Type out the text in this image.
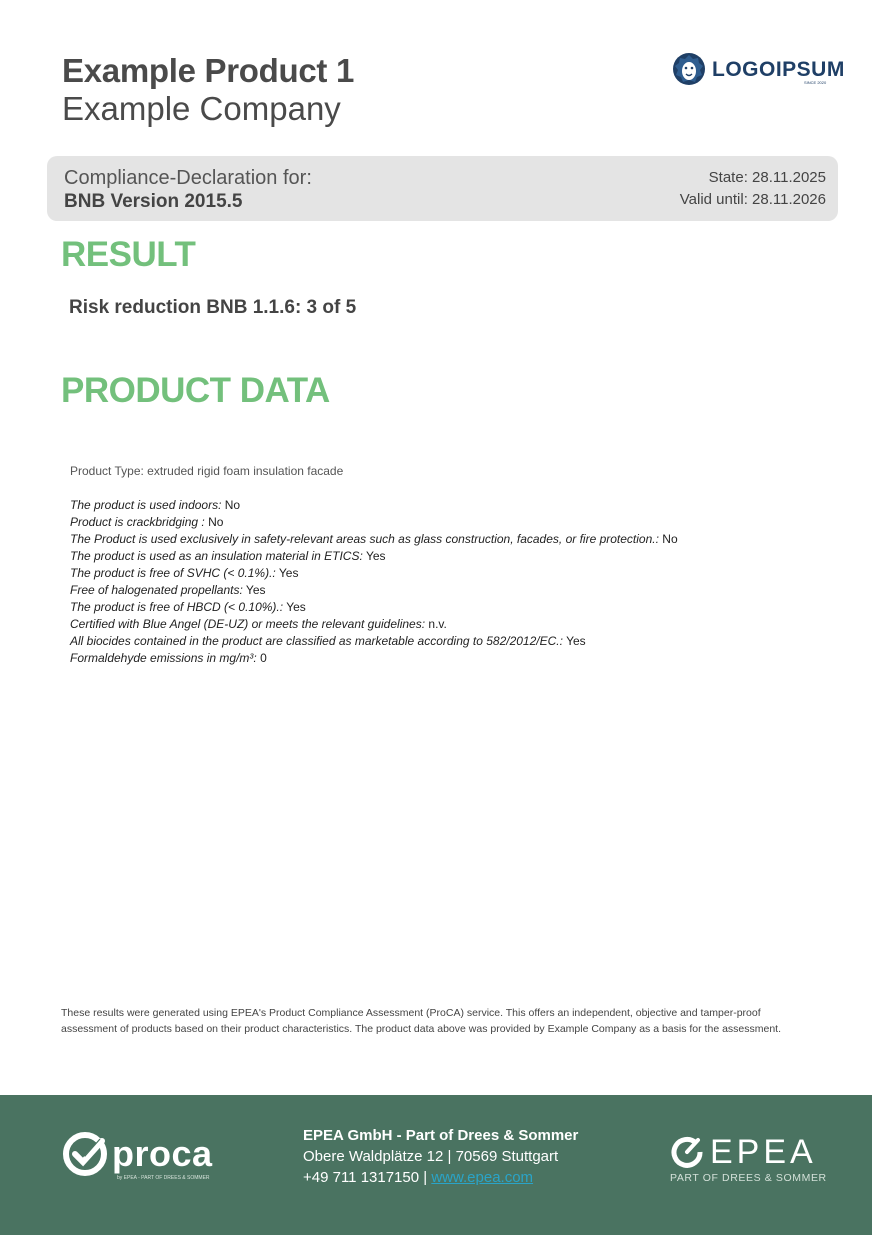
Example Product 1
Example Company
LOGOIPSUM
SINCE 2020
Compliance-Declaration for:
BNB Version 2015.5
State: 28.11.2025
Valid until: 28.11.2026
RESULT
Risk reduction BNB 1.1.6: 3 of 5
PRODUCT DATA
Product Type: extruded rigid foam insulation facade
The product is used indoors: No
Product is crackbridging : No
The Product is used exclusively in safety-relevant areas such as glass construction, facades, or fire protection.: No
The product is used as an insulation material in ETICS: Yes
The product is free of SVHC (< 0.1%).: Yes
Free of halogenated propellants: Yes
The product is free of HBCD (< 0.10%).: Yes
Certified with Blue Angel (DE-UZ) or meets the relevant guidelines: n.v.
All biocides contained in the product are classified as marketable according to 582/2012/EC.: Yes
Formaldehyde emissions in mg/m³: 0
These results were generated using EPEA's Product Compliance Assessment (ProCA) service. This offers an independent, objective and tamper-proof assessment of products based on their product characteristics. The product data above was provided by Example Company as a basis for the assessment.
proca
by EPEA - PART OF DREES & SOMMER
EPEA GmbH - Part of Drees & Sommer
Obere Waldplätze 12 | 70569 Stuttgart
+49 711 1317150 | www.epea.com
EPEA
PART OF DREES & SOMMER
